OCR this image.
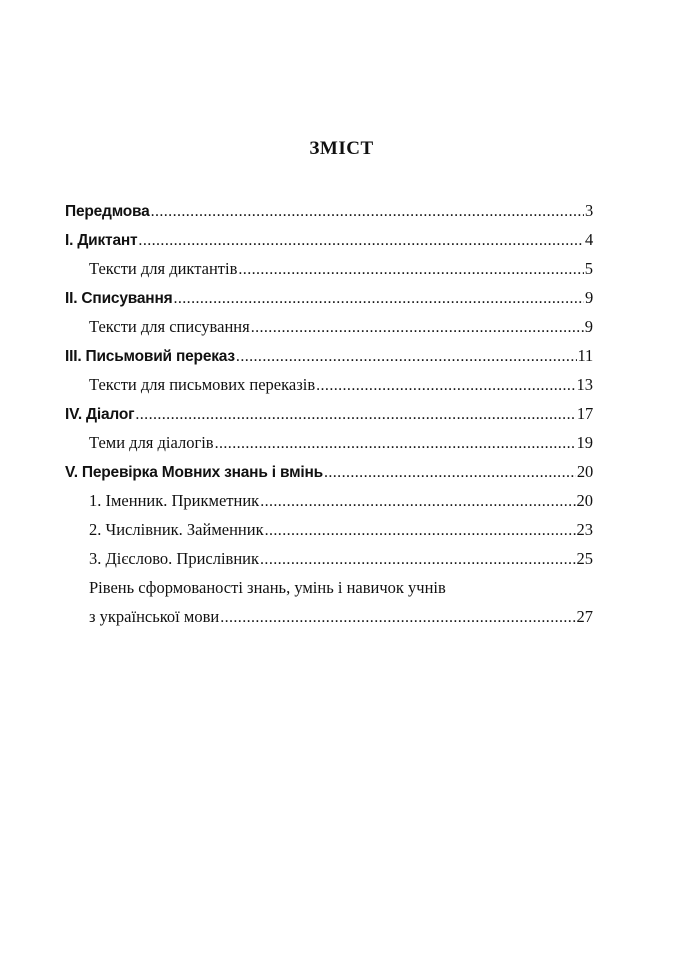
ЗМІСТ
Передмова .....	3
I. Диктант .....	4
Тексти для диктантів .....	5
II. Списування .....	9
Тексти для списування .....	9
III. Письмовий переказ .....	11
Тексти для письмових переказів .....	13
IV. Діалог .....	17
Теми для діалогів .....	19
V. Перевірка Мовних знань і вмінь .....	20
1. Іменник. Прикметник .....	20
2. Числівник. Займенник .....	23
3. Дієслово. Прислівник .....	25
Рівень сформованості знань, умінь і навичок учнів
з української мови .....	27
